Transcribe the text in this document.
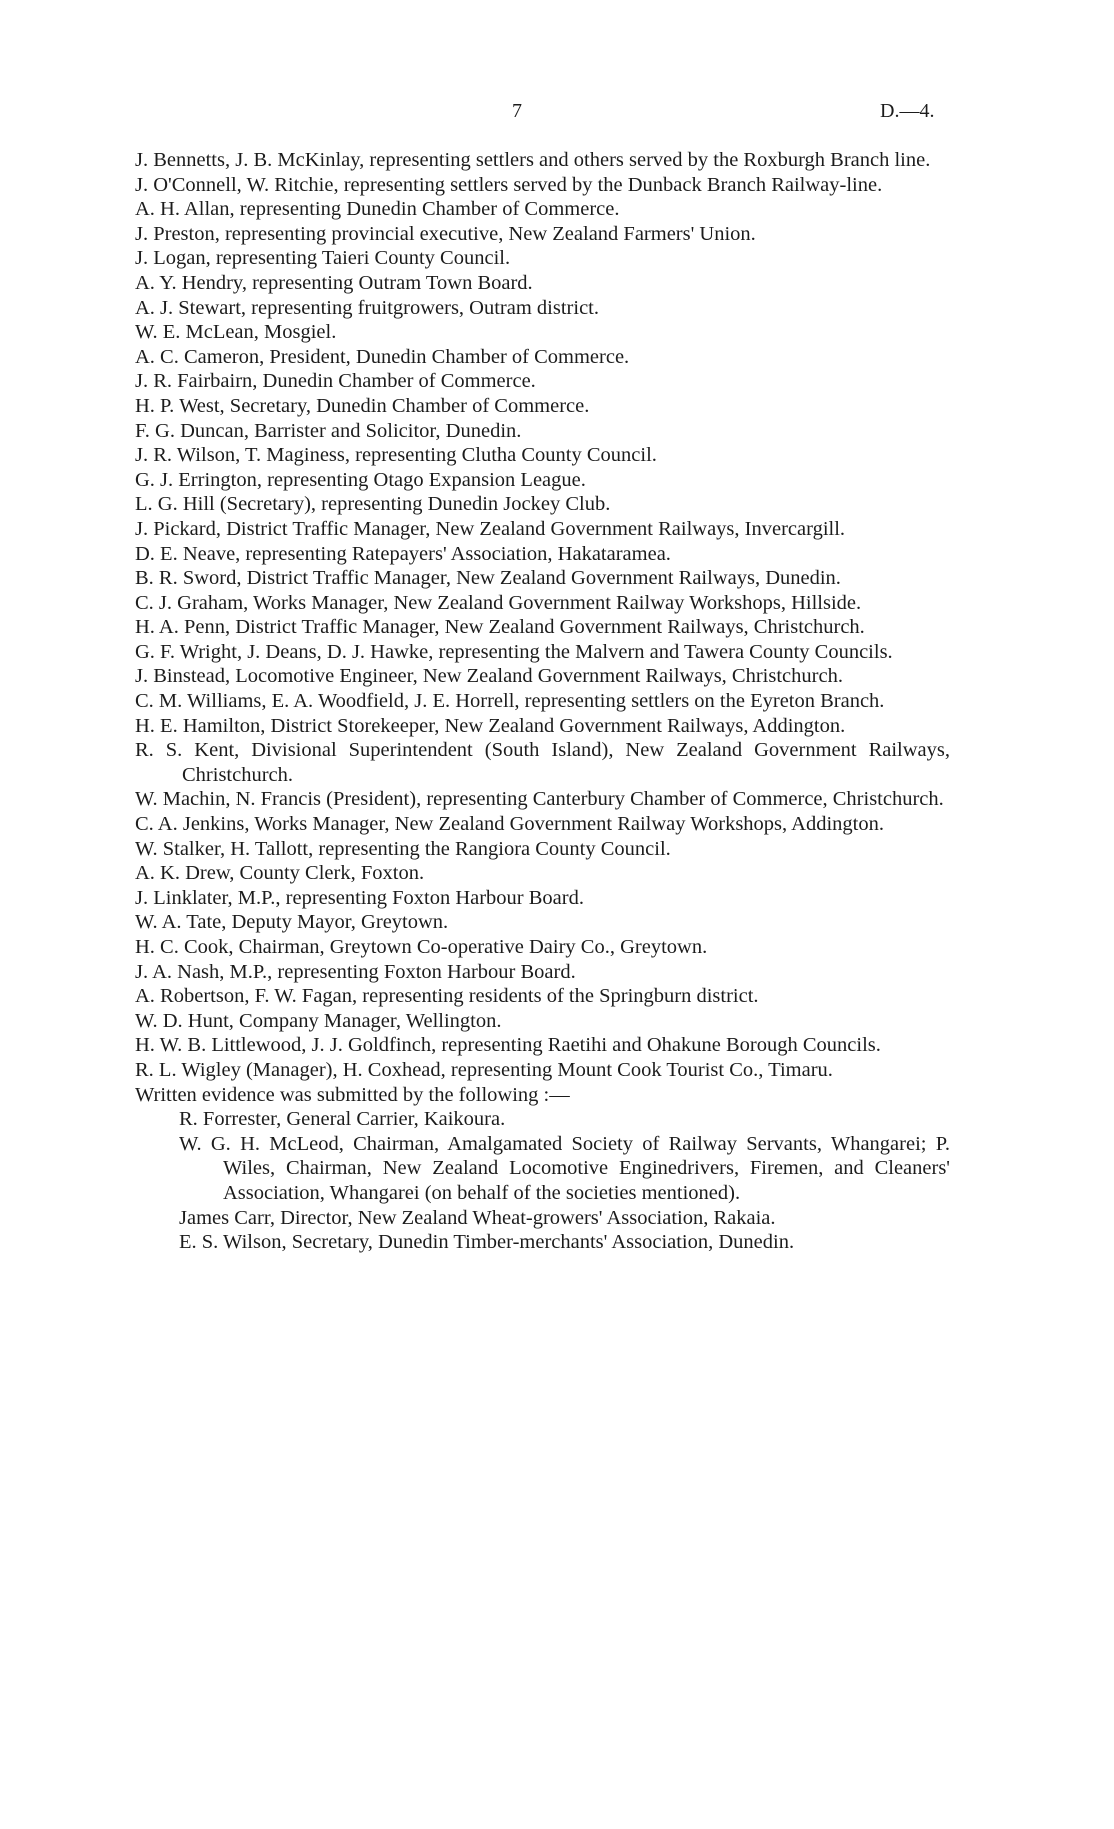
7	D.—4.

J. Bennetts, J. B. McKinlay, representing settlers and others served by the Roxburgh Branch line.

J. O'Connell, W. Ritchie, representing settlers served by the Dunback Branch Railway-line.

A. H. Allan, representing Dunedin Chamber of Commerce.

J. Preston, representing provincial executive, New Zealand Farmers' Union.

J. Logan, representing Taieri County Council.

A. Y. Hendry, representing Outram Town Board.

A. J. Stewart, representing fruitgrowers, Outram district.

W. E. McLean, Mosgiel.

A. C. Cameron, President, Dunedin Chamber of Commerce.

J. R. Fairbairn, Dunedin Chamber of Commerce.

H. P. West, Secretary, Dunedin Chamber of Commerce.

F. G. Duncan, Barrister and Solicitor, Dunedin.

J. R. Wilson, T. Maginess, representing Clutha County Council.

G. J. Errington, representing Otago Expansion League.

L. G. Hill (Secretary), representing Dunedin Jockey Club.

J. Pickard, District Traffic Manager, New Zealand Government Railways, Invercargill.

D. E. Neave, representing Ratepayers' Association, Hakataramea.

B. R. Sword, District Traffic Manager, New Zealand Government Railways, Dunedin.

C. J. Graham, Works Manager, New Zealand Government Railway Workshops, Hillside.

H. A. Penn, District Traffic Manager, New Zealand Government Railways, Christchurch.

G. F. Wright, J. Deans, D. J. Hawke, representing the Malvern and Tawera County Councils.

J. Binstead, Locomotive Engineer, New Zealand Government Railways, Christchurch.

C. M. Williams, E. A. Woodfield, J. E. Horrell, representing settlers on the Eyreton Branch.

H. E. Hamilton, District Storekeeper, New Zealand Government Railways, Addington.

R. S. Kent, Divisional Superintendent (South Island), New Zealand Government Railways, Christchurch.

W. Machin, N. Francis (President), representing Canterbury Chamber of Commerce, Christchurch.

C. A. Jenkins, Works Manager, New Zealand Government Railway Workshops, Addington.

W. Stalker, H. Tallott, representing the Rangiora County Council.

A. K. Drew, County Clerk, Foxton.

J. Linklater, M.P., representing Foxton Harbour Board.

W. A. Tate, Deputy Mayor, Greytown.

H. C. Cook, Chairman, Greytown Co-operative Dairy Co., Greytown.

J. A. Nash, M.P., representing Foxton Harbour Board.

A. Robertson, F. W. Fagan, representing residents of the Springburn district.

W. D. Hunt, Company Manager, Wellington.

H. W. B. Littlewood, J. J. Goldfinch, representing Raetihi and Ohakune Borough Councils.

R. L. Wigley (Manager), H. Coxhead, representing Mount Cook Tourist Co., Timaru.

Written evidence was submitted by the following :—

R. Forrester, General Carrier, Kaikoura.

W. G. H. McLeod, Chairman, Amalgamated Society of Railway Servants, Whangarei; P. Wiles, Chairman, New Zealand Locomotive Enginedrivers, Firemen, and Cleaners' Association, Whangarei (on behalf of the societies mentioned).

James Carr, Director, New Zealand Wheat-growers' Association, Rakaia.

E. S. Wilson, Secretary, Dunedin Timber-merchants' Association, Dunedin.
